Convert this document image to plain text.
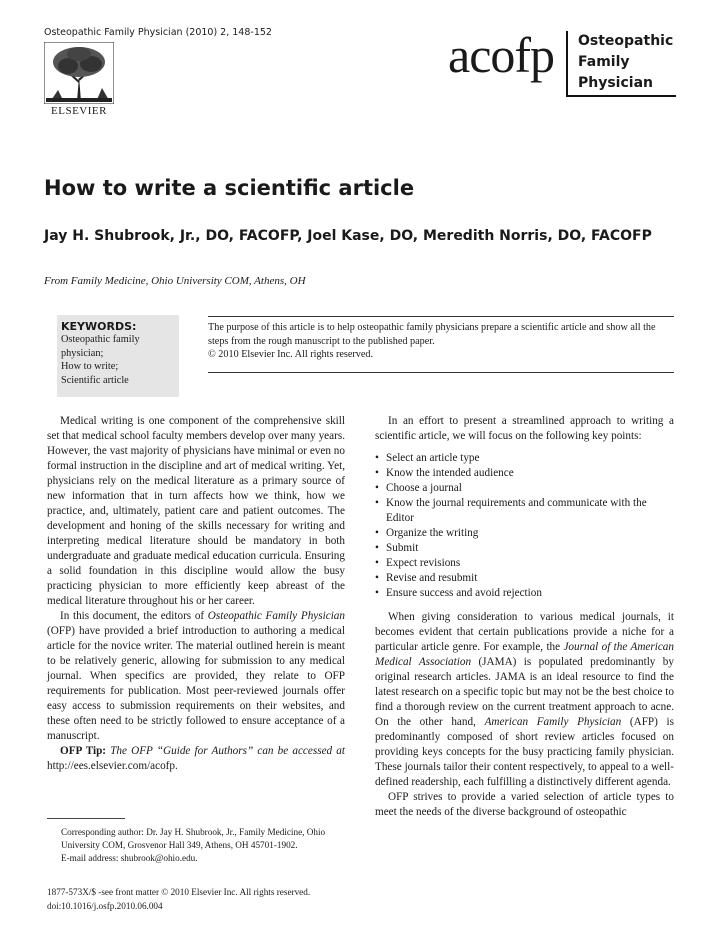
Osteopathic Family Physician (2010) 2, 148-152
ELSEVIER
acofp Osteopathic
Family
Physician
How to write a scientific article
Jay H. Shubrook, Jr., DO, FACOFP, Joel Kase, DO, Meredith Norris, DO, FACOFP
From Family Medicine, Ohio University COM, Athens, OH
KEYWORDS:
Osteopathic family physician;
How to write;
Scientific article
The purpose of this article is to help osteopathic family physicians prepare a scientific article and show all the steps from the rough manuscript to the published paper.
© 2010 Elsevier Inc. All rights reserved.

Medical writing is one component of the comprehensive skill set that medical school faculty members develop over many years. However, the vast majority of physicians have minimal or even no formal instruction in the discipline and art of medical writing. Yet, physicians rely on the medical literature as a primary source of new information that in turn affects how we think, how we practice, and, ultimately, patient care and patient outcomes. The development and honing of the skills necessary for writing and interpreting medical literature should be mandatory in both undergraduate and graduate medical education curricula. Ensuring a solid foundation in this discipline would allow the busy practicing physician to more efficiently keep abreast of the medical literature throughout his or her career.

In this document, the editors of Osteopathic Family Physician (OFP) have provided a brief introduction to authoring a medical article for the novice writer. The material outlined herein is meant to be relatively generic, allowing for submission to any medical journal. When specifics are provided, they relate to OFP requirements for publication. Most peer-reviewed journals offer easy access to submission requirements on their websites, and these often need to be strictly followed to ensure acceptance of a manuscript.

OFP Tip: The OFP “Guide for Authors” can be accessed at http://ees.elsevier.com/acofp.

In an effort to present a streamlined approach to writing a scientific article, we will focus on the following key points:

• Select an article type
• Know the intended audience
• Choose a journal
• Know the journal requirements and communicate with the Editor
• Organize the writing
• Submit
• Expect revisions
• Revise and resubmit
• Ensure success and avoid rejection

When giving consideration to various medical journals, it becomes evident that certain publications provide a niche for a particular article genre. For example, the Journal of the American Medical Association (JAMA) is populated predominantly by original research articles. JAMA is an ideal resource to find the latest research on a specific topic but may not be the best choice to find a thorough review on the current treatment approach to acne. On the other hand, American Family Physician (AFP) is predominantly composed of short review articles focused on providing keys concepts for the busy practicing family physician. These journals tailor their content respectively, to appeal to a well-defined readership, each fulfilling a distinctively different agenda.

OFP strives to provide a varied selection of article types to meet the needs of the diverse background of osteopathic

Corresponding author: Dr. Jay H. Shubrook, Jr., Family Medicine, Ohio University COM, Grosvenor Hall 349, Athens, OH 45701-1902.
E-mail address: shubrook@ohio.edu.
1877-573X/$ -see front matter © 2010 Elsevier Inc. All rights reserved.
doi:10.1016/j.osfp.2010.06.004
